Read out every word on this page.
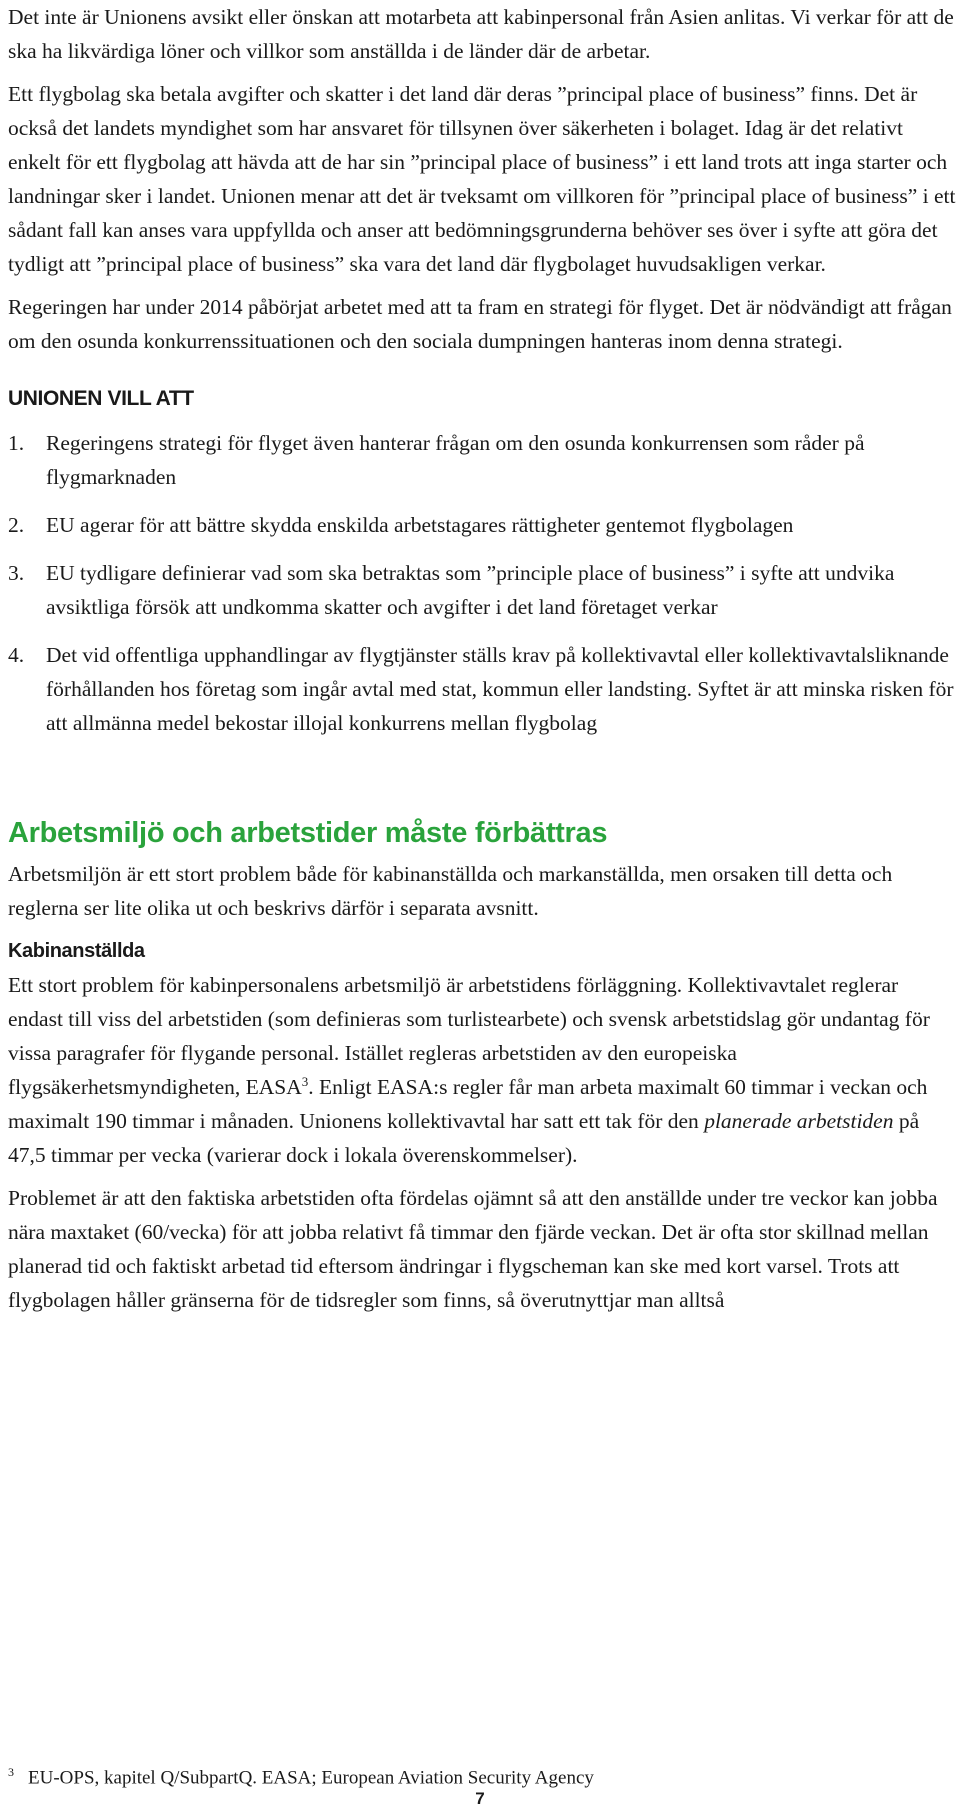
Det inte är Unionens avsikt eller önskan att motarbeta att kabinpersonal från Asien anlitas. Vi verkar för att de ska ha likvärdiga löner och villkor som anställda i de länder där de arbetar.

Ett flygbolag ska betala avgifter och skatter i det land där deras ”principal place of business” finns. Det är också det landets myndighet som har ansvaret för tillsynen över säkerheten i bolaget. Idag är det relativt enkelt för ett flygbolag att hävda att de har sin ”principal place of business” i ett land trots att inga starter och landningar sker i landet. Unionen menar att det är tveksamt om villkoren för ”principal place of business” i ett sådant fall kan anses vara uppfyllda och anser att bedömningsgrunderna behöver ses över i syfte att göra det tydligt att ”principal place of business” ska vara det land där flygbolaget huvudsakligen verkar.

Regeringen har under 2014 påbörjat arbetet med att ta fram en strategi för flyget. Det är nödvändigt att frågan om den osunda konkurrenssituationen och den sociala dumpningen hanteras inom denna strategi.

UNIONEN VILL ATT
1.	Regeringens strategi för flyget även hanterar frågan om den osunda konkurrensen som råder på flygmarknaden
2.	EU agerar för att bättre skydda enskilda arbetstagares rättigheter gentemot flygbolagen
3.	EU tydligare definierar vad som ska betraktas som ”principle place of business” i syfte att undvika avsiktliga försök att undkomma skatter och avgifter i det land företaget verkar
4.	Det vid offentliga upphandlingar av flygtjänster ställs krav på kollektivavtal eller kollektivavtalsliknande förhållanden hos företag som ingår avtal med stat, kommun eller landsting. Syftet är att minska risken för att allmänna medel bekostar illojal konkurrens mellan flygbolag
Arbetsmiljö och arbetstider måste förbättras

Arbetsmiljön är ett stort problem både för kabinanställda och markanställda, men orsaken till detta och reglerna ser lite olika ut och beskrivs därför i separata avsnitt.

Kabinanställda

Ett stort problem för kabinpersonalens arbetsmiljö är arbetstidens förläggning. Kollektivavtalet reglerar endast till viss del arbetstiden (som definieras som turlistearbete) och svensk arbetstidslag gör undantag för vissa paragrafer för flygande personal. Istället regleras arbetstiden av den europeiska flygsäkerhetsmyndigheten, EASA$^3$. Enligt EASA:s regler får man arbeta maximalt 60 timmar i veckan och maximalt 190 timmar i månaden. Unionens kollektivavtal har satt ett tak för den planerade arbetstiden på 47,5 timmar per vecka (varierar dock i lokala överenskommelser).

Problemet är att den faktiska arbetstiden ofta fördelas ojämnt så att den anställde under tre veckor kan jobba nära maxtaket (60/vecka) för att jobba relativt få timmar den fjärde veckan. Det är ofta stor skillnad mellan planerad tid och faktiskt arbetad tid eftersom ändringar i flygscheman kan ske med kort varsel. Trots att flygbolagen håller gränserna för de tidsregler som finns, så överutnyttjar man alltså

$^3$ EU-OPS, kapitel Q/SubpartQ. EASA; European Aviation Security Agency
7
